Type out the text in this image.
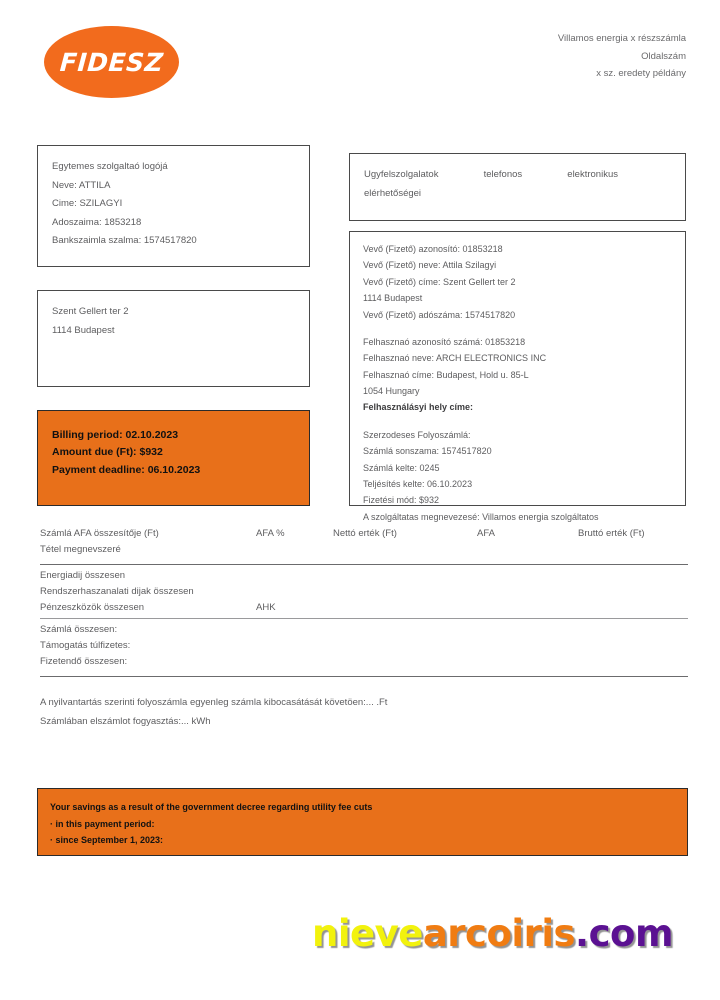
FIDESZ
Villamos energia x részszámla
Oldalszám
x sz. eredety példány
Egytemes szolgaltaó logójá
Neve: ATTILA
Cime: SZILAGYI
Adoszaima: 1853218
Bankszaimla szalma: 1574517820
Szent Gellert ter 2
1114 Budapest
Ugyfelszolgalatok	telefonos	elektronikus
elérhetőségei
Vevő (Fizető) azonosító: 01853218
Vevő (Fizető) neve: Attila Szilagyi
Vevő (Fizető) címe: Szent Gellert ter 2
1114 Budapest
Vevő (Fizető) adószáma: 1574517820
Felhasznaó azonosító számá: 01853218
Felhasznaó neve: ARCH ELECTRONICS INC
Felhasznaó címe: Budapest, Hold u. 85-L
1054 Hungary
Felhasználásyi hely címe:
Szerzodeses Folyoszámlá:
Számlá sonszama: 1574517820
Számlá kelte: 0245
Teljésítés kelte: 06.10.2023
Fizetési mód: $932
A szolgáltatas megnevezesé: Villamos energia szolgáltatos
Billing period: 02.10.2023
Amount due (Ft): $932
Payment deadline: 06.10.2023
Számlá AFA összesítője (Ft)	AFA %	Nettó erték (Ft)	AFA	Bruttó erték (Ft)
Tétel megnevszeré
Energiadij összesen
Rendszerhaszanalati dijak összesen
Pénzeszközök összesen	AHK
Számlá összesen:
Támogatás túlfizetes:
Fizetendő összesen:
A nyilvantartás szerinti folyoszámla egyenleg számla kibocasátását követöen:... .Ft
Számlában elszámlot fogyasztás:... kWh
Your savings as a result of the government decree regarding utility fee cuts
· in this payment period:
· since September 1, 2023:
nievearcoiris.com
